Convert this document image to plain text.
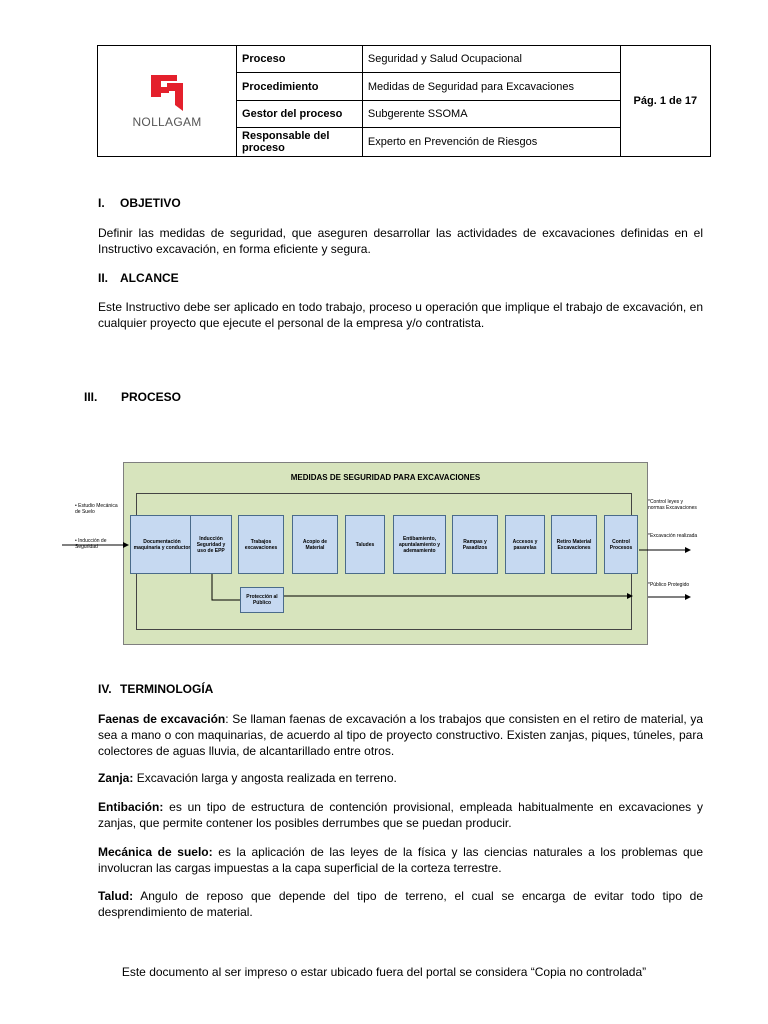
NOLLAGAM	Proceso	Seguridad y Salud Ocupacional	Pág. 1 de 17
	Procedimiento	Medidas de Seguridad para Excavaciones	
	Gestor del proceso	Subgerente SSOMA	
	Responsable del proceso	Experto en Prevención de Riesgos	
I. OBJETIVO

Definir las medidas de seguridad, que aseguren desarrollar las actividades de excavaciones definidas en el Instructivo excavación, en forma eficiente y segura.

II. ALCANCE

Este Instructivo debe ser aplicado en todo trabajo, proceso u operación que implique el trabajo de excavación, en cualquier proyecto que ejecute el personal de la empresa y/o contratista.

III. PROCESO
MEDIDAS DE SEGURIDAD PARA EXCAVACIONES
Documentación maquinaria y conductor
Inducción Seguridad y uso de EPP
Trabajos excavaciones
Acopio de Material	Taludes
Entibamiento, apuntalamiento y ademamiento
Rampas y Pasadizos
Accesos y pasarelas
Retiro Material Excavaciones
Control Procesos
Protección al Público
• Estudio Mecánica de Suelo
• Inducción de Seguridad
*Control leyes y normas Excavaciones
*Excavación realizada
*Público Protegido
IV. TERMINOLOGÍA

Faenas de excavación: Se llaman faenas de excavación a los trabajos que consisten en el retiro de material, ya sea a mano o con maquinarias, de acuerdo al tipo de proyecto constructivo. Existen zanjas, piques, túneles, para colectores de aguas lluvia, de alcantarillado entre otros.

Zanja: Excavación larga y angosta realizada en terreno.

Entibación: es un tipo de estructura de contención provisional, empleada habitualmente en excavaciones y zanjas, que permite contener los posibles derrumbes que se puedan producir.

Mecánica de suelo: es la aplicación de las leyes de la física y las ciencias naturales a los problemas que involucran las cargas impuestas a la capa superficial de la corteza terrestre.

Talud: Angulo de reposo que depende del tipo de terreno, el cual se encarga de evitar todo tipo de desprendimiento de material.

Este documento al ser impreso o estar ubicado fuera del portal se considera “Copia no controlada”
